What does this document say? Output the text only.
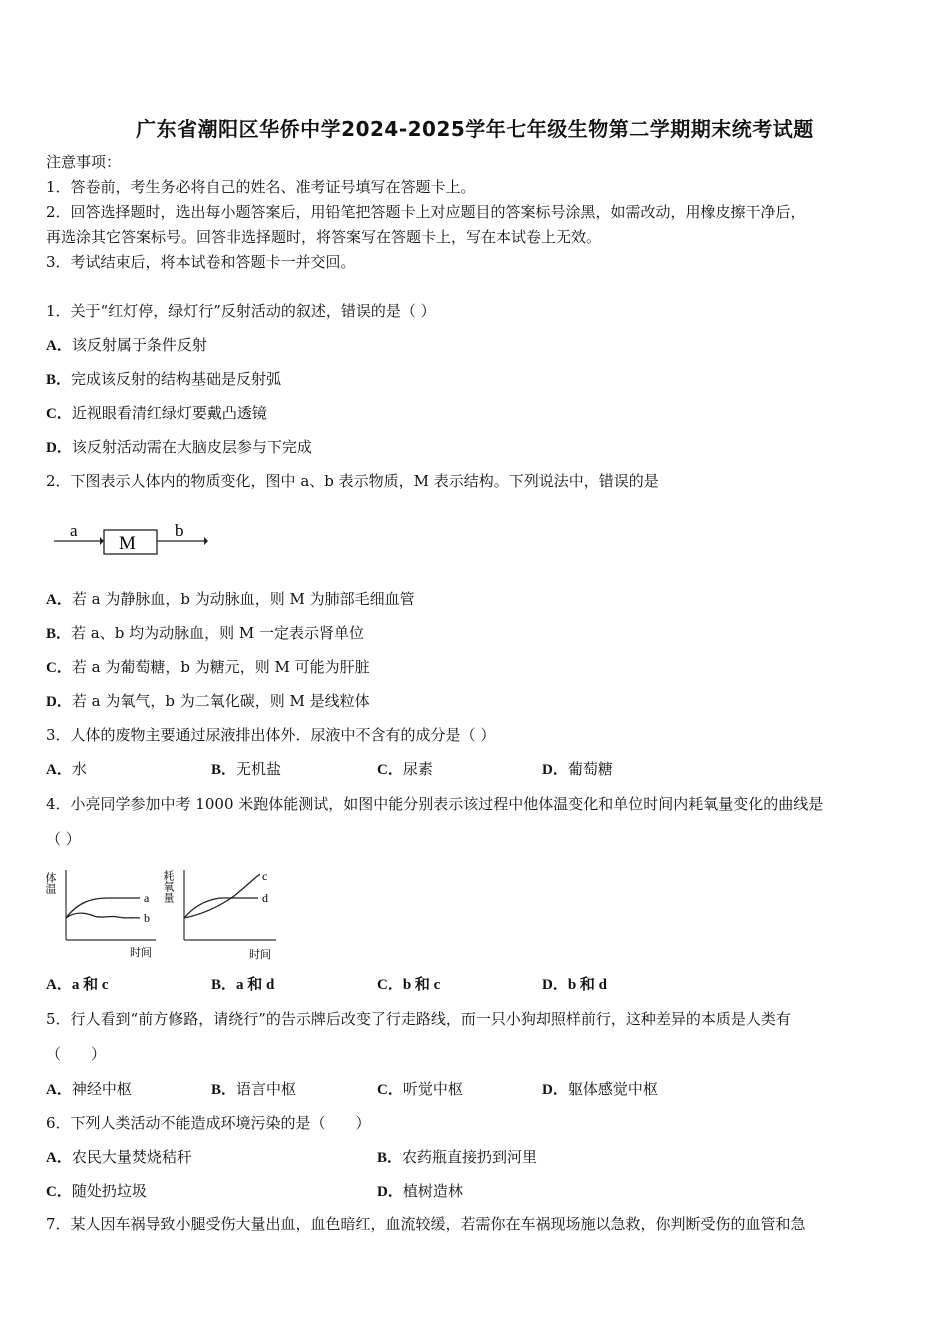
广东省潮阳区华侨中学2024-2025学年七年级生物第二学期期末统考试题
注意事项：
1．答卷前，考生务必将自己的姓名、准考证号填写在答题卡上。
2．回答选择题时，选出每小题答案后，用铅笔把答题卡上对应题目的答案标号涂黑，如需改动，用橡皮擦干净后，
再选涂其它答案标号。回答非选择题时，将答案写在答题卡上，写在本试卷上无效。
3．考试结束后，将本试卷和答题卡一并交回。
1．关于“红灯停，绿灯行”反射活动的叙述，错误的是（ ）
A．该反射属于条件反射
B．完成该反射的结构基础是反射弧
C．近视眼看清红绿灯要戴凸透镜
D．该反射活动需在大脑皮层参与下完成
2．下图表示人体内的物质变化，图中 a、b 表示物质，M 表示结构。下列说法中，错误的是
a
M
b
A．若 a 为静脉血，b 为动脉血，则 M 为肺部毛细血管
B．若 a、b 均为动脉血，则 M 一定表示肾单位
C．若 a 为葡萄糖，b 为糖元，则 M 可能为肝脏
D．若 a 为氧气，b 为二氧化碳，则 M 是线粒体
3．人体的废物主要通过尿液排出体外．尿液中不含有的成分是（ ）
A．水	B．无机盐	C．尿素	D．葡萄糖
4．小亮同学参加中考 1000 米跑体能测试，如图中能分别表示该过程中他体温变化和单位时间内耗氧量变化的曲线是
（ ）
体温
时间
a
b
耗氧量
时间
c
d
A．a 和 c	B．a 和 d	C．b 和 c	D．b 和 d
5．行人看到“前方修路，请绕行”的告示牌后改变了行走路线，而一只小狗却照样前行，这种差异的本质是人类有
（　　）
A．神经中枢	B．语言中枢	C．听觉中枢	D．躯体感觉中枢
6．下列人类活动不能造成环境污染的是（　　）
A．农民大量焚烧秸秆	B．农药瓶直接扔到河里
C．随处扔垃圾	D．植树造林
7．某人因车祸导致小腿受伤大量出血，血色暗红，血流较缓，若需你在车祸现场施以急救，你判断受伤的血管和急
